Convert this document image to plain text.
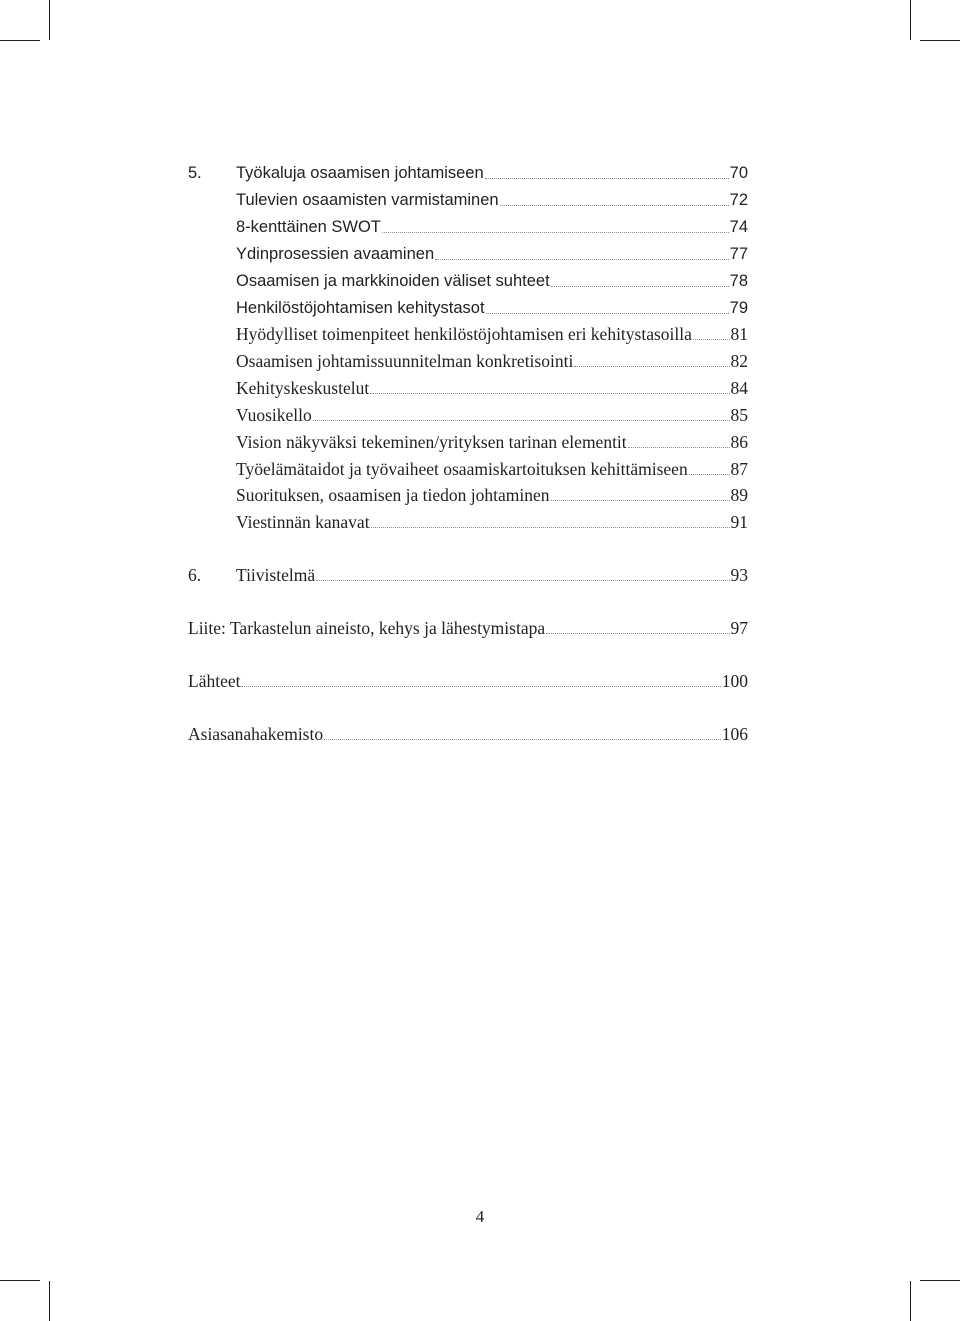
5.	Työkaluja osaamisen johtamiseen	70
Tulevien osaamisten varmistaminen	72
8-kenttäinen SWOT	74
Ydinprosessien avaaminen	77
Osaamisen ja markkinoiden väliset suhteet	78
Henkilöstöjohtamisen kehitystasot	79
Hyödylliset toimenpiteet henkilöstöjohtamisen eri kehitystasoilla 81
Osaamisen johtamissuunnitelman konkretisointi	82
Kehityskeskustelut	84
Vuosikello	85
Vision näkyväksi tekeminen/yrityksen tarinan elementit	86
Työelämätaidot ja työvaiheet osaamiskartoituksen kehittämiseen 87
Suorituksen, osaamisen ja tiedon johtaminen	89
Viestinnän kanavat	91
6.	Tiivistelmä	93
Liite: Tarkastelun aineisto, kehys ja lähestymistapa	97
Lähteet	100
Asiasanahakemisto	106
4
